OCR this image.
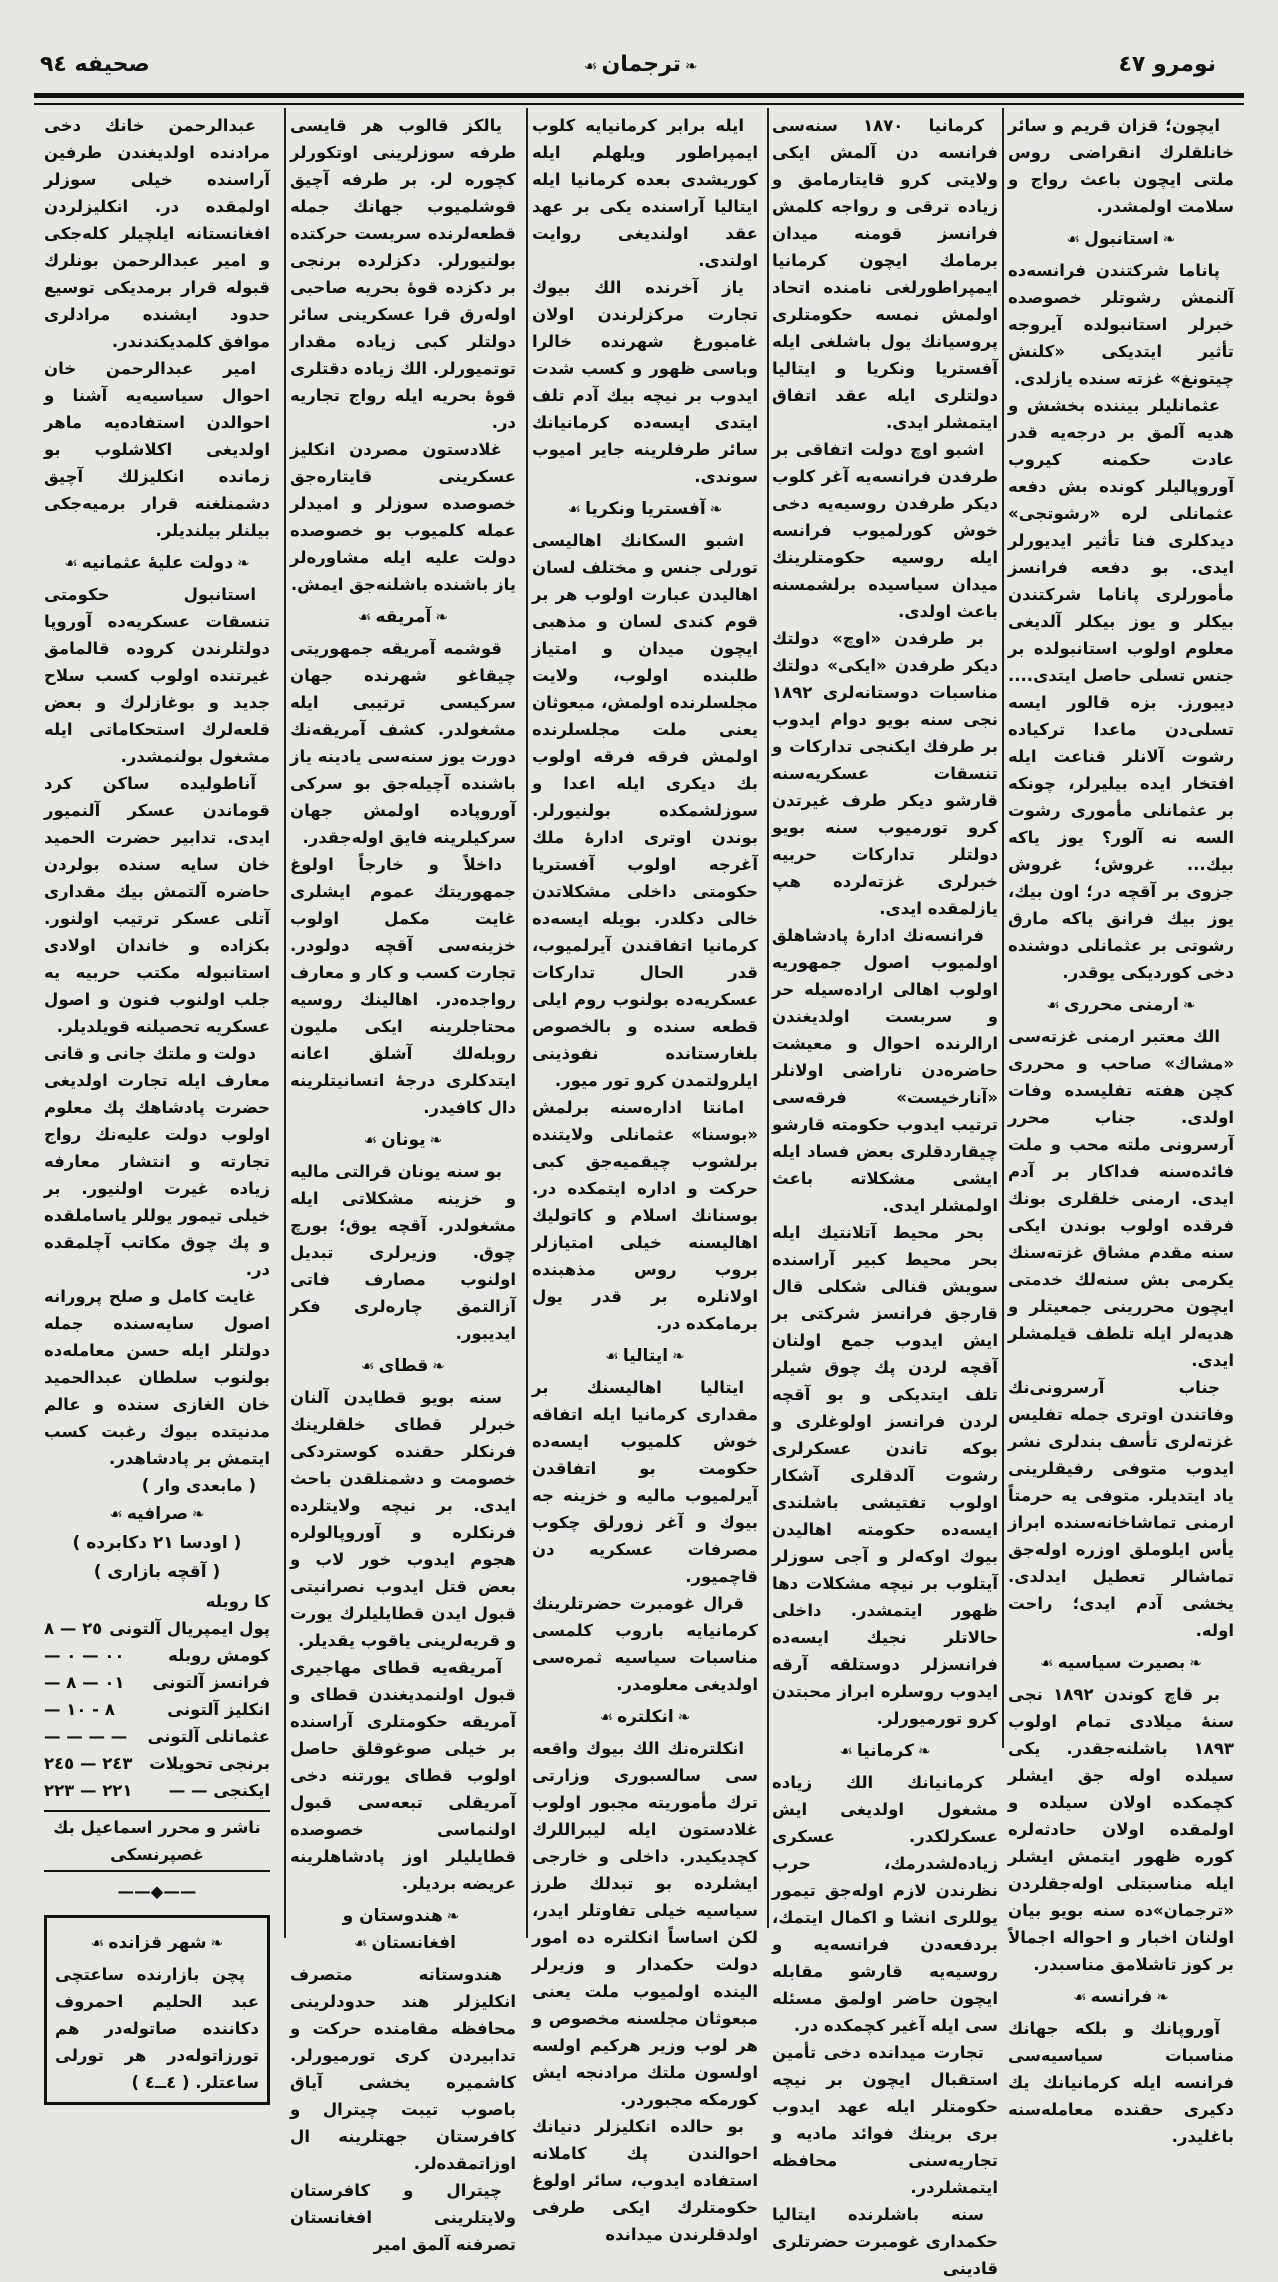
نومرو ٤٧
❧ترجمان☙
صحيفه ٩٤

ايچون؛ قزان قريم و سائر خانلقلرك انقراضى روس ملتى ايچون باعث رواج و سلامت اولمشدر.

❧استانبول☙

پاناما شركتندن فرانسه‌ده آلنمش رشوتلر خصوصده خبرلر استانبولده آيروجه تأثير ايتديكى «كلنش چيتونغ» غزته سنده يازلدى.

عثمانليلر بيننده بخشش و هديه آلمق بر درجه‌يه قدر عادت حكمنه كيروب آوروپاليلر كونده بش دفعه عثمانلى لره «رشوتجى» ديدكلرى فنا تأثير ايديورلر ايدى. بو دفعه فرانسز مأمورلرى پاناما شركتندن بيكلر و يوز بيكلر آلديغى معلوم اولوب استانبولده بر جنس تسلى حاصل ايتدى.... ديبورز. بزه قالور ايسه تسلى‌دن ماعدا تركياده رشوت آلانلر قناعت ايله افتخار ايده بيليرلر، چونكه بر عثمانلى مأمورى رشوت السه نه آلور؟ يوز ياكه بيك... غروش؛ غروش جزوى بر آقچه در؛ اون بيك، يوز بيك فرانق ياكه مارق رشوتى بر عثمانلى دوشنده دخى كورديكى يوقدر.

❧ارمنى محررى☙

الك معتبر ارمنى غزته‌سى «مشاك» صاحب و محررى كچن هفته تفليسده وفات اولدى. جناب محرر آرسرونى ملته محب و ملت فائده‌سنه فداكار بر آدم ايدى. ارمنى خلقلرى بونك فرقده اولوب بوندن ايكى سنه مقدم مشاق غزته‌سنك يكرمى بش سنه‌لك خدمتى ايچون محررينى جمعيتلر و هديه‌لر ايله تلطف قيلمشلر ايدى.

جناب آرسرونى‌نك وفاتندن اوترى جمله تفليس غزته‌لرى تأسف بندلرى نشر ايدوب متوفى رفيقلرينى ياد ايتديلر. متوفى يه حرمتاً ارمنى تماشاخانه‌سنده ابراز يأس ايلوملق اوزره اوله‌جق تماشالر تعطيل ايدلدى. يخشى آدم ايدى؛ راحت اوله.

❧بصيرت سياسيه☙

بر قاچ كوندن ١٨٩٢ نجى سنهٔ ميلادى تمام اولوب ١٨٩٣ باشلنه‌جقدر. يكى سيلده اوله جق ايشلر كچمكده اولان سيلده و اولمقده اولان حادثه‌لره كوره ظهور ايتمش ايشلر ايله مناسبتلى اوله‌جقلردن «ترجمان»ده سنه بويو بيان اولنان اخبار و احواله اجمالاً بر كوز تاشلامق مناسبدر.

❧فرانسه☙

آوروپانك و بلكه جهانك مناسبات سياسيه‌سى فرانسه ايله كرمانيانك يك دكيرى حقنده معامله‌سنه باغليدر.

كرمانيا ١٨٧٠ سنه‌سى فرانسه دن آلمش ايكى ولايتى كرو قايتارمامق و زياده ترقى و رواجه كلمش فرانسز قومنه ميدان برمامك ايچون كرمانيا ايمپراطورلغى نامنده اتحاد اولمش نمسه حكومتلرى پروسيانك يول باشلغى ايله آفستريا ونكريا و ايتاليا دولتلرى ايله عقد اتفاق ايتمشلر ايدى.

اشبو اوچ دولت اتفاقى بر طرفدن فرانسه‌يه آغر كلوب ديكر طرفدن روسيه‌يه دخى خوش كورلميوب فرانسه ايله روسيه حكومتلرينك ميدان سياسيده برلشمسنه باعث اولدى.

بر طرفدن «اوچ» دولتك ديكر طرفدن «ايكى» دولتك مناسبات دوستانه‌لرى ١٨٩٢ نجى سنه بويو دوام ايدوب بر طرفك ايكنجى تداركات و تنسقات عسكريه‌سنه قارشو ديكر طرف غيرتدن كرو تورميوب سنه بويو دولتلر تداركات حربيه خبرلرى غزته‌لرده هپ يازلمقده ايدى.

فرانسه‌نك ادارهٔ پادشاهلق اولميوب اصول جمهوريه اولوب اهالى اراده‌سيله حر و سربست اولديغندن ارالرنده احوال و معيشت حاضره‌دن ناراضى اولانلر «آنارخيست» فرقه‌سى ترتيب ايدوب حكومته قارشو چيقاردقلرى بعض فساد ايله ايشى مشكلاته باعث اولمشلر ايدى.

بحر محيط آتلانتيك ايله بحر محيط كبير آراسنده سويش قنالى شكلى قال قارجق فرانسز شركتى بر ايش ايدوب جمع اولنان آقچه لردن پك چوق شيلر تلف ايتديكى و بو آقچه لردن فرانسز اولوغلرى و بوكه تاندن عسكرلرى رشوت آلدقلرى آشكار اولوب تفتيشى باشلندى ايسه‌ده حكومته اهاليدن بيوك اوكه‌لر و آجى سوزلر آيتلوب بر نيچه مشكلات دها ظهور ايتمشدر. داخلى حالاتلر نجيك ايسه‌ده فرانسزلر دوستلقه آرقه ايدوب روسلره ابراز محبتدن كرو تورميورلر.

❧كرمانيا☙

كرمانيانك الك زياده مشغول اولديغى ايش عسكرلكدر. عسكرى زياده‌لشدرمك، حرب نظرندن لازم اوله‌جق تيمور يوللرى انشا و اكمال ايتمك، بردفعه‌دن فرانسه‌يه و روسيه‌يه قارشو مقابله ايچون حاضر اولمق مسئله سى ايله آغير كچمكده در.

تجارت ميدانده دخى تأمين استقبال ايچون بر نيچه حكومتلر ايله عهد ايدوب برى برينك فوائد ماديه و تجاريه‌سنى محافظه ايتمشلردر.

سنه باشلرنده ايتاليا حكمدارى غومبرت حضرتلرى قادينى

ايله برابر كرمانيايه كلوب ايمپراطور ويلهلم ايله كوريشدى بعده كرمانيا ايله ايتاليا آراسنده يكى بر عهد عقد اولنديغى روايت اولندى.

ياز آخرنده الك بيوك تجارت مركزلرندن اولان غامبورغ شهرنده خالرا وباسى ظهور و كسب شدت ايدوب بر نيچه بيك آدم تلف ايتدى ايسه‌ده كرمانيانك سائر طرفلرينه جاير اميوب سوندى.

❧آفستريا ونكريا☙

اشبو السكانك اهاليسى تورلى جنس و مختلف لسان اهاليدن عبارت اولوب هر بر قوم كندى لسان و مذهبى ايچون ميدان و امتياز طلبنده اولوب، ولايت مجلسلرنده اولمش، مبعوثان يعنى ملت مجلسلرنده اولمش فرقه فرقه اولوب بك ديكرى ايله اعدا و سوزلشمكده بولنيورلر. بوندن اوترى ادارهٔ ملك آغرجه اولوب آفستريا حكومتى داخلى مشكلاتدن خالى دكلدر. بويله ايسه‌ده كرمانيا اتفاقندن آيرلميوب، قدر الحال تداركات عسكريه‌ده بولنوب روم ايلى قطعه سنده و بالخصوص بلغارستانده نفوذينى ايلرولتمدن كرو تور ميور.

امانتا اداره‌سنه برلمش «بوسنا» عثمانلى ولايتنده برلشوب چيقميه‌جق كبى حركت و اداره ايتمكده در. بوسنانك اسلام و كاتوليك اهاليسنه خيلى امتيازلر بروب روس مذهبنده اولانلره بر قدر يول برمامكده در.

❧ايتاليا☙

ايتاليا اهاليسنك بر مقدارى كرمانيا ايله اتفاقه خوش كلميوب ايسه‌ده حكومت بو اتفاقدن آيرلميوب ماليه و خزينه جه بيوك و آغر زورلق چكوب مصرفات عسكريه دن قاچميور.

قرال غومبرت حضرتلرينك كرمانيايه باروب كلمسى مناسبات سياسيه ثمره‌سى اولديغى معلومدر.

❧انكلتره☙

انكلتره‌نك الك بيوك واقعه سى سالسبورى وزارتى ترك مأموريته مجبور اولوب غلادستون ايله ليبراللرك كچديكيدر. داخلى و خارجى ايشلرده بو تبدلك طرز سياسيه خيلى تفاوتلر ايدر، لكن اساساً انكلتره ده امور دولت حكمدار و وزيرلر الينده اولميوب ملت يعنى مبعوثان مجلسنه مخصوص و هر لوب وزير هركيم اولسه اولسون ملتك مرادنجه ايش كورمكه مجبوردر.

بو حالده انكليزلر دنيانك احوالندن پك كاملانه استفاده ايدوب، سائر اولوغ حكومتلرك ايكى طرفى اولدقلرندن ميدانده

يالكز قالوب هر قايسى طرفه سوزلرينى اوتكورلر كچوره لر. بر طرفه آچيق قوشلميوب جهانك جمله قطعه‌لرنده سربست حركتده بولنيورلر. دكزلرده برنجى بر دكزده قوهٔ بحريه صاحبى اوله‌رق قرا عسكرينى سائر دولتلر كبى زياده مقدار توتميورلر. الك زياده دقتلرى قوهٔ بحريه ايله رواج تجاريه در.

غلادستون مصردن انكليز عسكرينى قايتاره‌جق خصوصده سوزلر و اميدلر عمله كلميوب بو خصوصده دولت عليه ايله مشاوره‌لر ياز باشنده باشلنه‌جق ايمش.

❧آمريقه☙

قوشمه آمريقه جمهوريتى چيقاغو شهرنده جهان سركيسى ترتيبى ايله مشغولدر. كشف آمريقه‌نك دورت يوز سنه‌سى يادينه ياز باشنده آچيله‌جق بو سركى آوروپاده اولمش جهان سركيلرينه فايق اوله‌جقدر.

داخلاً و خارجاً اولوغ جمهوريتك عموم ايشلرى غايت مكمل اولوب خزينه‌سى آقچه دولودر. تجارت كسب و كار و معارف رواجده‌در. اهالينك روسيه محتاجلرينه ايكى مليون روبله‌لك آشلق اعانه ايتدكلرى درجهٔ انسانيتلرينه دال كافيدر.

❧يونان☙

بو سنه يونان قرالتى ماليه و خزينه مشكلاتى ايله مشغولدر. آقچه يوق؛ بورچ چوق. وزيرلرى تبديل اولنوب مصارف فاتى آزالتمق چاره‌لرى فكر ايديبور.

❧قطاى☙

سنه بويو قطايدن آلنان خبرلر قطاى خلقلرينك فرنكلر حقنده كوستردكى خصومت و دشمنلقدن باحث ايدى. بر نيچه ولايتلرده فرنكلره و آوروپالولره هجوم ايدوب خور لاب و بعض قتل ايدوب نصرانيتى قبول ايدن قطايليلرك يورت و قريه‌لرينى ياقوب يقديلر.

آمريقه‌يه قطاى مهاجيرى قبول اولنمديغندن قطاى و آمريقه حكومتلرى آراسنده بر خيلى صوغوقلق حاصل اولوب قطاى يورتنه دخى آمريقلى تبعه‌سى قبول اولنماسى خصوصده قطايليلر اوز پادشاهلرينه عريضه برديلر.

❧هندوستان و افغانستان☙

هندوستانه متصرف انكليزلر هند حدودلرينى محافظه مقامنده حركت و تدابيردن كرى تورميورلر. كاشميره يخشى آياق باصوب تيبت چيترال و كافرستان جهتلرينه ال اوزاتمقده‌لر.

چيترال و كافرستان ولايتلرينى افغانستان تصرفنه آلمق امير

عبدالرحمن خانك دخى مرادنده اولديغندن طرفين آراسنده خيلى سوزلر اولمقده در. انكليزلردن افغانستانه ايلچيلر كله‌جكى و امير عبدالرحمن بونلرك قبوله قرار برمديكى توسيع حدود ايشنده مرادلرى موافق كلمديكندندر.

امير عبدالرحمن خان احوال سياسيه‌يه آشنا و احوالدن استفاده‌يه ماهر اولديغى اكلاشلوب بو زمانده انكليزلك آچيق دشمنلغنه قرار برميه‌جكى بيلنلر بيلنديلر.

❧دولت عليهٔ عثمانيه☙

استانبول حكومتى تنسقات عسكريه‌ده آوروپا دولتلرندن كروده قالمامق غيرتنده اولوب كسب سلاح جديد و بوغازلرك و بعض قلعه‌لرك استحكاماتى ايله مشغول بولنمشدر.

آناطوليده ساكن كرد قوماندن عسكر آلنميور ايدى. تدابير حضرت الحميد خان سايه سنده بولردن حاضره آلتمش بيك مقدارى آتلى عسكر ترتيب اولنور. بكزاده و خاندان اولادى استانبوله مكتب حربيه يه جلب اولنوب فنون و اصول عسكريه تحصيلنه قويلديلر.

دولت و ملتك جانى و قانى معارف ايله تجارت اولديغى حضرت پادشاهك پك معلوم اولوب دولت عليه‌نك رواج تجارته و انتشار معارفه زياده غيرت اولنيور. بر خيلى تيمور يوللر ياساملقده و پك چوق مكاتب آچلمقده در.

غايت كامل و صلح پرورانه اصول سايه‌سنده جمله دولتلر ايله حسن معامله‌ده بولنوب سلطان عبدالحميد خان الغازى سنده و عالم مدنيتده بيوك رغبت كسب ايتمش بر پادشاهدر.

( مابعدى وار )

❧صرافيه☙
( اودسا ٢١ دكابرده )
( آقچه بازارى )
كا روبله
پول ايمپريال آلتونى
٢٥ — ٨
كومش روبله
٠٠ — ٠ —
فرانسز آلتونى
٠١ — ٨ —
انكليز آلتونى
٨ - ١٠ —
عثمانلى آلتونى
— — — —
برنجى تحويلات
٢٤٣ — ٢٤٥
ايكنجى — —
٢٢١ — ٢٢٣
ناشر و محرر اسماعيل بك غصپرنسكى
——◆——
❧شهر قزانده☙

پچن بازارنده ساعتچى عبد الحليم احمروف دكاننده صاتوله‌در هم تورزاتوله‌در هر تورلى ساعتلر. ( ٤ــ٤ )
